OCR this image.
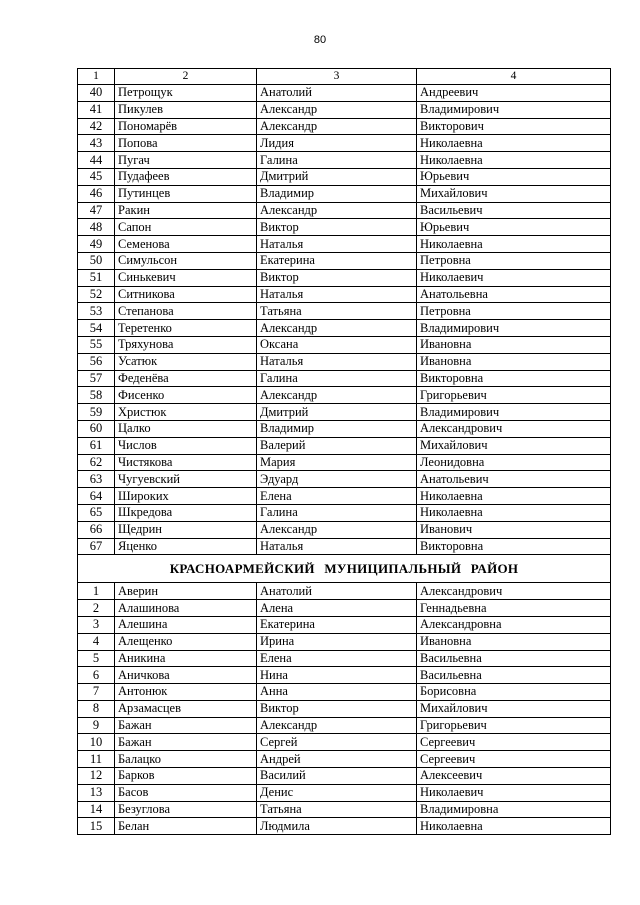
80
1	2	3	4
40	Петрощук	Анатолий	Андреевич
41	Пикулев	Александр	Владимирович
42	Пономарёв	Александр	Викторович
43	Попова	Лидия	Николаевна
44	Пугач	Галина	Николаевна
45	Пудафеев	Дмитрий	Юрьевич
46	Путинцев	Владимир	Михайлович
47	Ракин	Александр	Васильевич
48	Сапон	Виктор	Юрьевич
49	Семенова	Наталья	Николаевна
50	Симульсон	Екатерина	Петровна
51	Синькевич	Виктор	Николаевич
52	Ситникова	Наталья	Анатольевна
53	Степанова	Татьяна	Петровна
54	Теретенко	Александр	Владимирович
55	Тряхунова	Оксана	Ивановна
56	Усатюк	Наталья	Ивановна
57	Феденёва	Галина	Викторовна
58	Фисенко	Александр	Григорьевич
59	Христюк	Дмитрий	Владимирович
60	Цалко	Владимир	Александрович
61	Числов	Валерий	Михайлович
62	Чистякова	Мария	Леонидовна
63	Чугуевский	Эдуард	Анатольевич
64	Широких	Елена	Николаевна
65	Шкредова	Галина	Николаевна
66	Щедрин	Александр	Иванович
67	Яценко	Наталья	Викторовна
КРАСНОАРМЕЙСКИЙ МУНИЦИПАЛЬНЫЙ РАЙОН			
1	Аверин	Анатолий	Александрович
2	Алашинова	Алена	Геннадьевна
3	Алешина	Екатерина	Александровна
4	Алещенко	Ирина	Ивановна
5	Аникина	Елена	Васильевна
6	Аничкова	Нина	Васильевна
7	Антонюк	Анна	Борисовна
8	Арзамасцев	Виктор	Михайлович
9	Бажан	Александр	Григорьевич
10	Бажан	Сергей	Сергеевич
11	Балацко	Андрей	Сергеевич
12	Барков	Василий	Алексеевич
13	Басов	Денис	Николаевич
14	Безуглова	Татьяна	Владимировна
15	Белан	Людмила	Николаевна
